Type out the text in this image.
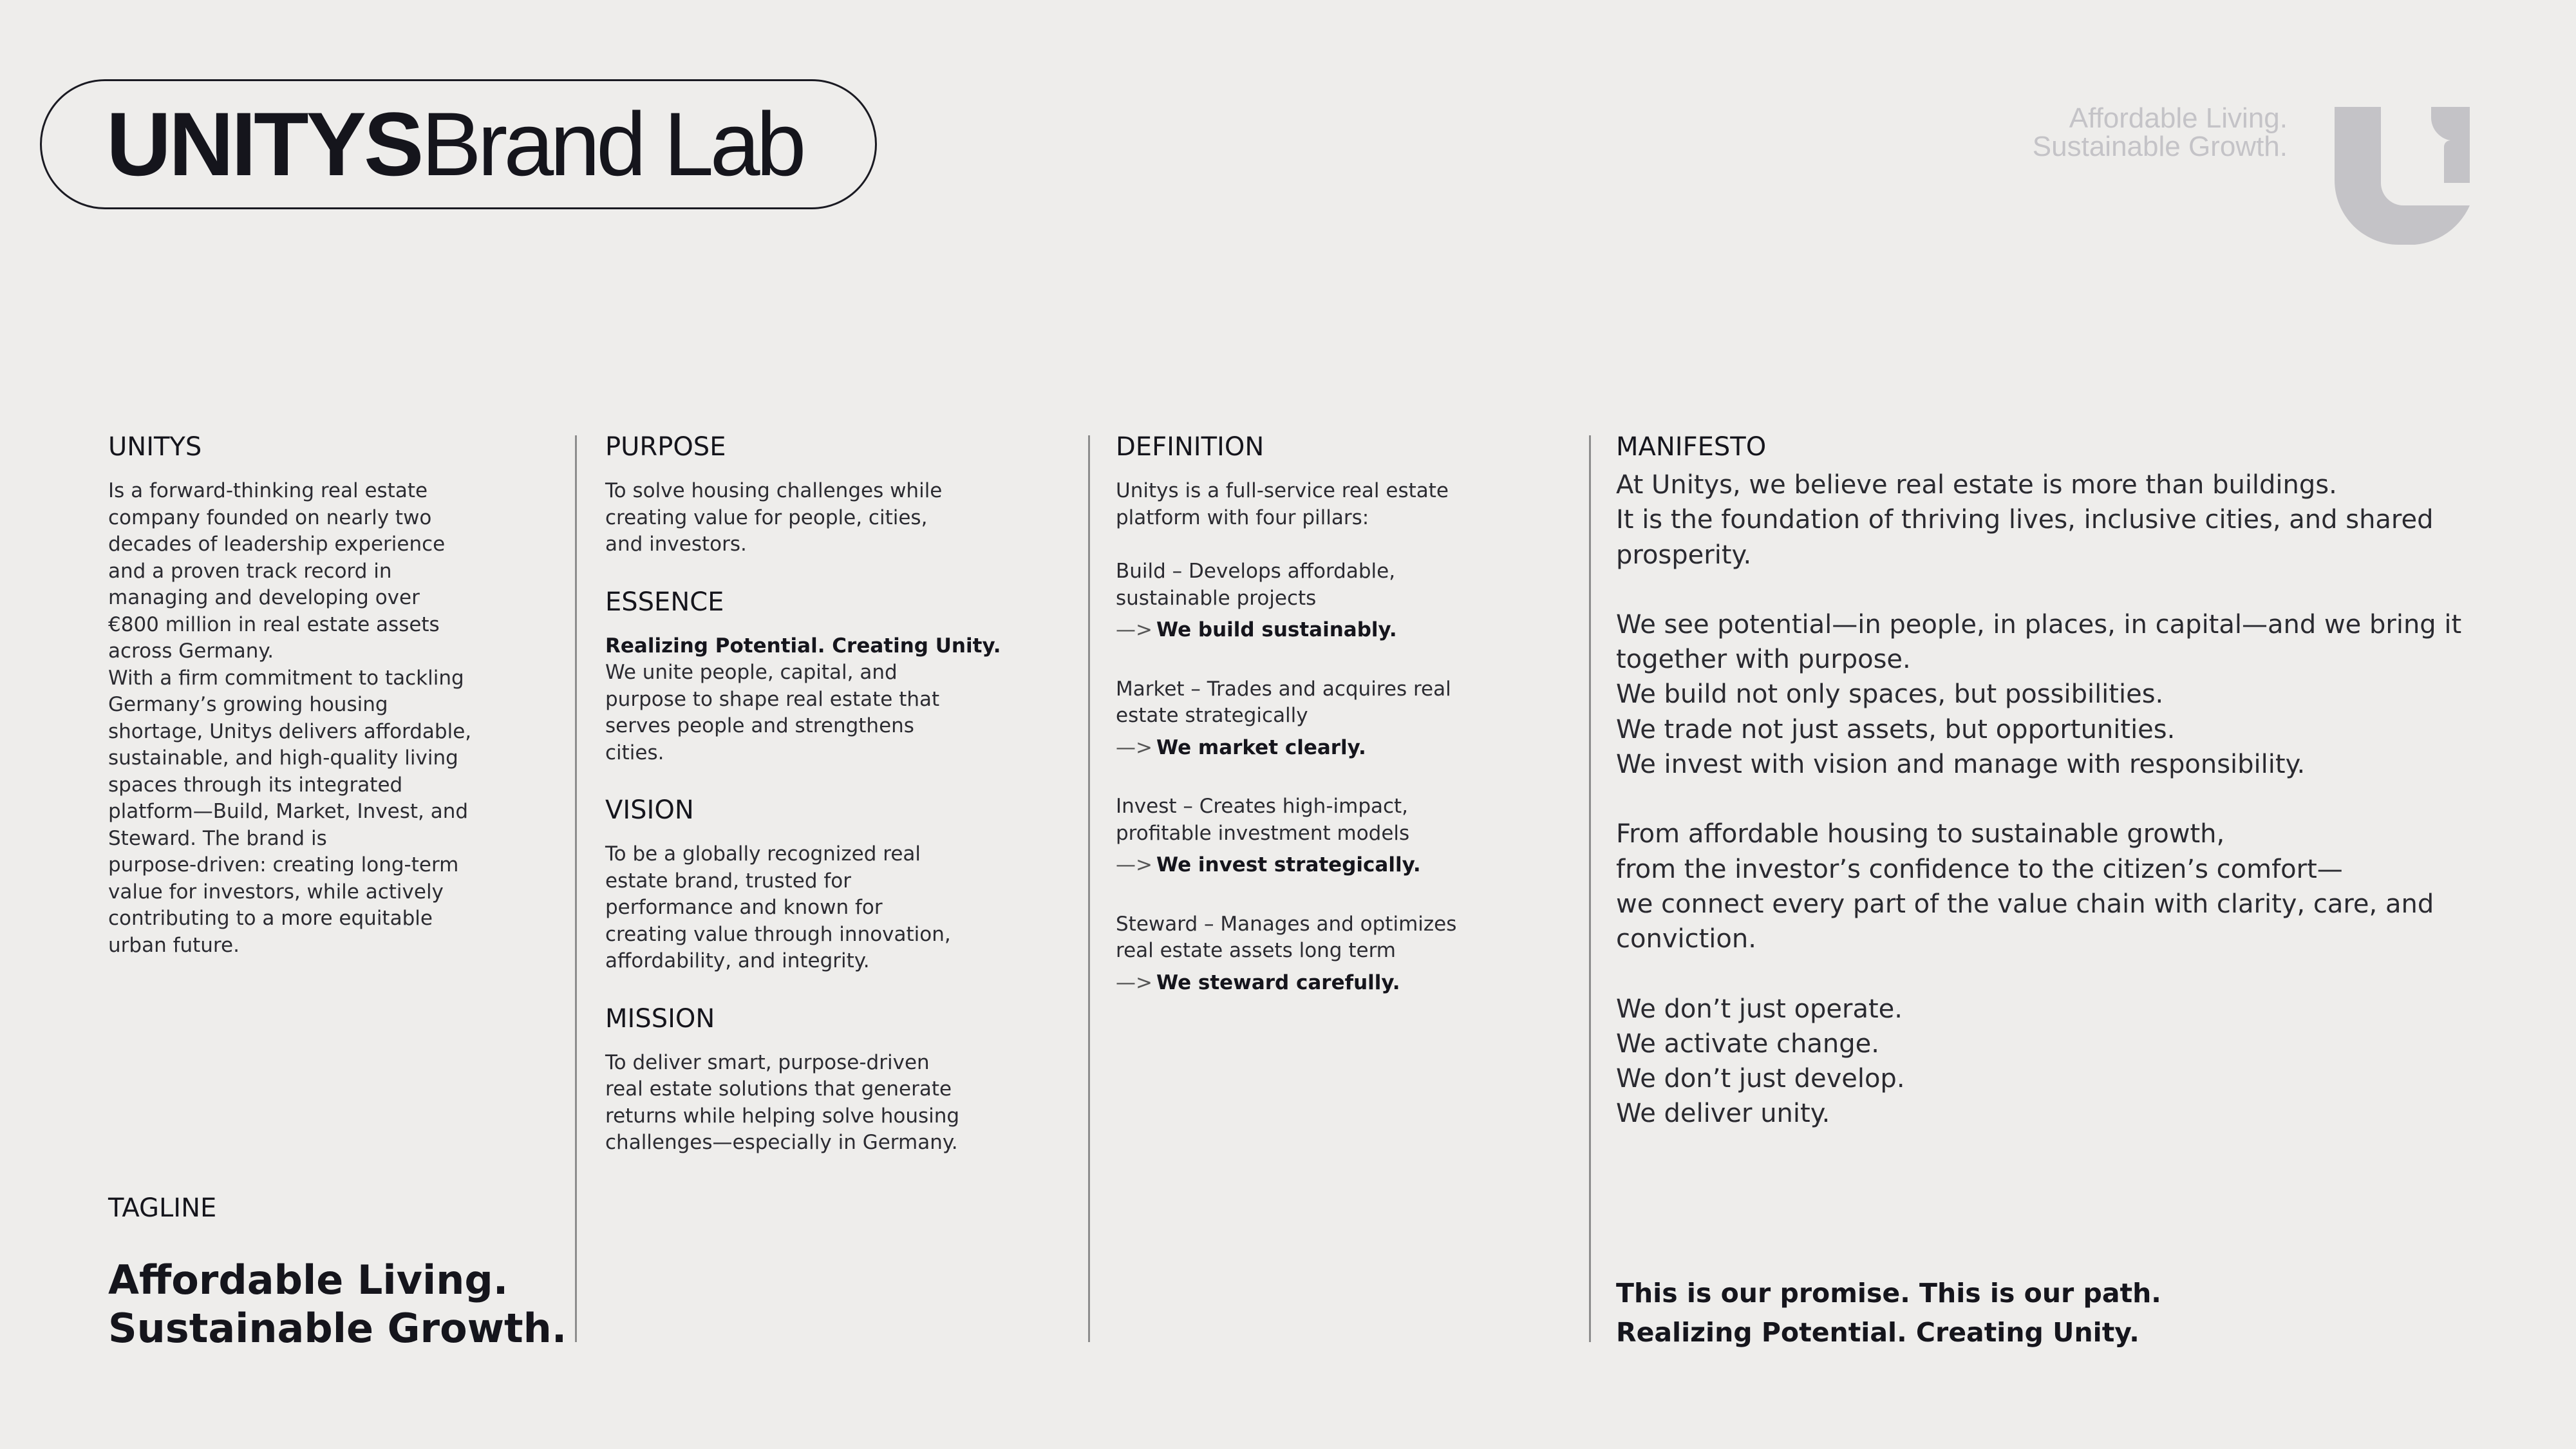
UNITYS Brand Lab	Affordable Living.
Sustainable Growth.
UNITYS

Is a forward-thinking real estate

company founded on nearly two

decades of leadership experience

and a proven track record in

managing and developing over

€800 million in real estate assets

across Germany.

With a firm commitment to tackling

Germany’s growing housing

shortage, Unitys delivers affordable,

sustainable, and high-quality living

spaces through its integrated

platform—Build, Market, Invest, and

Steward. The brand is

purpose-driven: creating long-term

value for investors, while actively

contributing to a more equitable

urban future.

TAGLINE
Affordable Living.
Sustainable Growth.
PURPOSE

To solve housing challenges while

creating value for people, cities,

and investors.

ESSENCE

Realizing Potential. Creating Unity.

We unite people, capital, and

purpose to shape real estate that

serves people and strengthens

cities.

VISION

To be a globally recognized real

estate brand, trusted for

performance and known for

creating value through innovation,

affordability, and integrity.

MISSION

To deliver smart, purpose-driven

real estate solutions that generate

returns while helping solve housing

challenges—especially in Germany.

DEFINITION

Unitys is a full-service real estate

platform with four pillars:

Build – Develops affordable,

sustainable projects

—> We build sustainably.

Market – Trades and acquires real

estate strategically

—> We market clearly.

Invest – Creates high-impact,

profitable investment models

—> We invest strategically.

Steward – Manages and optimizes

real estate assets long term

—> We steward carefully.
MANIFESTO

At Unitys, we believe real estate is more than buildings.

It is the foundation of thriving lives, inclusive cities, and shared

prosperity.

We see potential—in people, in places, in capital—and we bring it

together with purpose.

We build not only spaces, but possibilities.

We trade not just assets, but opportunities.

We invest with vision and manage with responsibility.

From affordable housing to sustainable growth,

from the investor’s confidence to the citizen’s comfort—

we connect every part of the value chain with clarity, care, and

conviction.

We don’t just operate.

We activate change.

We don’t just develop.

We deliver unity.

This is our promise. This is our path.
Realizing Potential. Creating Unity.
